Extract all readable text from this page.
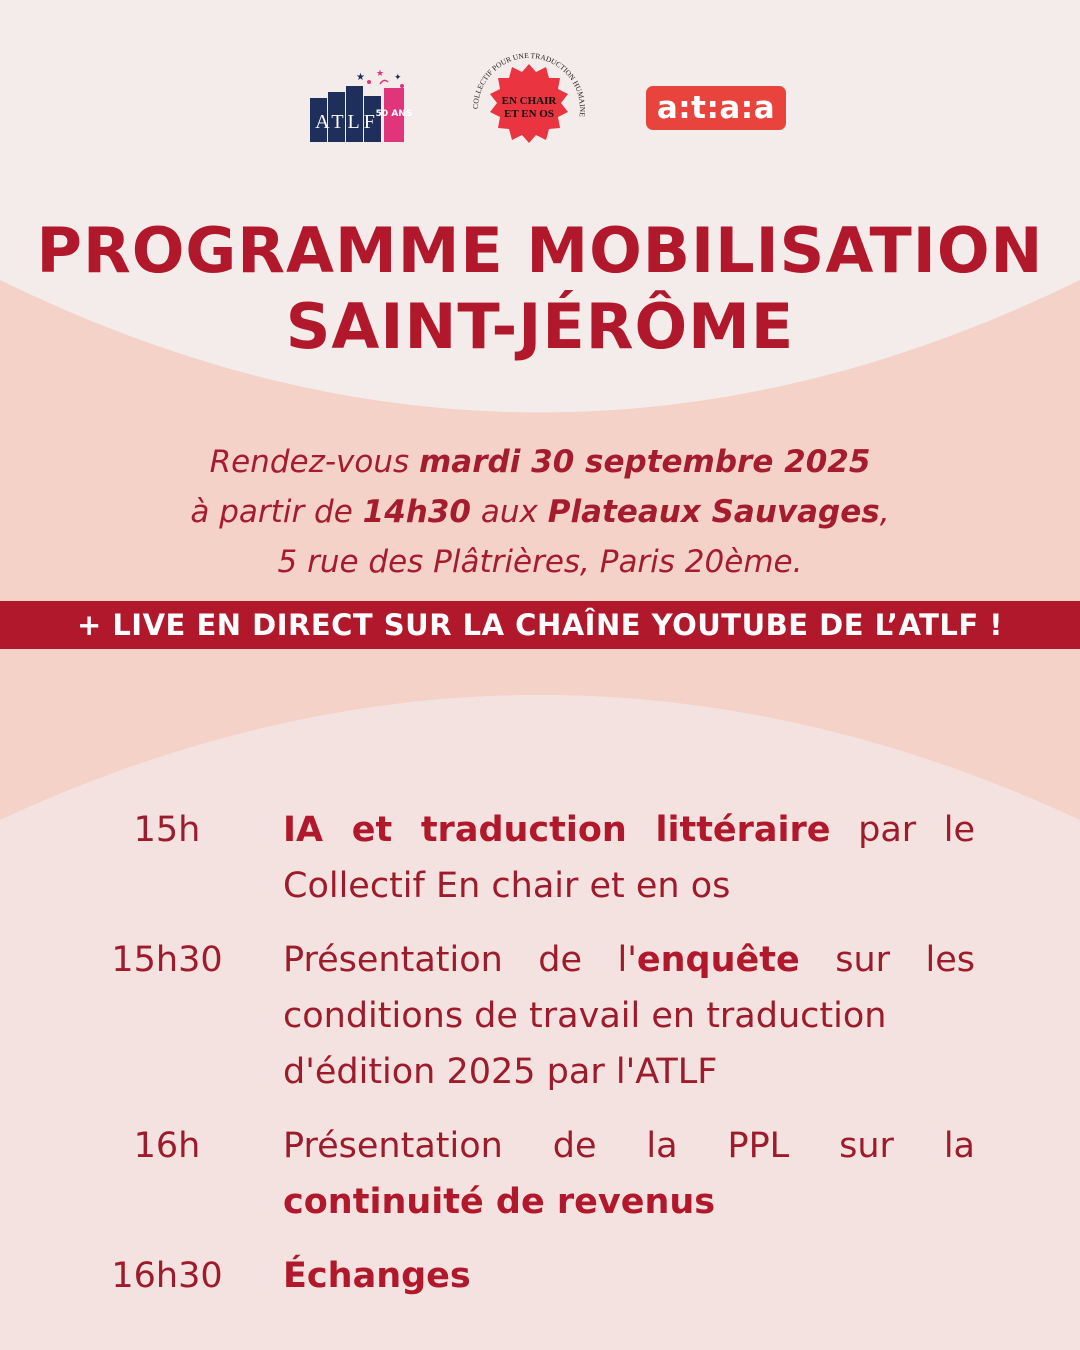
ATLF
50 ANS
★ ★ ✦
COLLECTIF POUR UNE TRADUCTION HUMAINE
EN CHAIR
ET EN OS	a:t:a:a
PROGRAMME MOBILISATION
SAINT-JÉRÔME

Rendez-vous mardi 30 septembre 2025

à partir de 14h30 aux Plateaux Sauvages,

5 rue des Plâtrières, Paris 20ème.

+ LIVE EN DIRECT SUR LA CHAÎNE YOUTUBE DE L’ATLF !
15h	IA et traduction littéraire par le
Collectif En chair et en os
15h30 Présentation de l'enquête sur les
conditions de travail en traduction
d'édition 2025 par l'ATLF
16h	Présentation de la PPL sur la
continuité de revenus
16h30 Échanges
